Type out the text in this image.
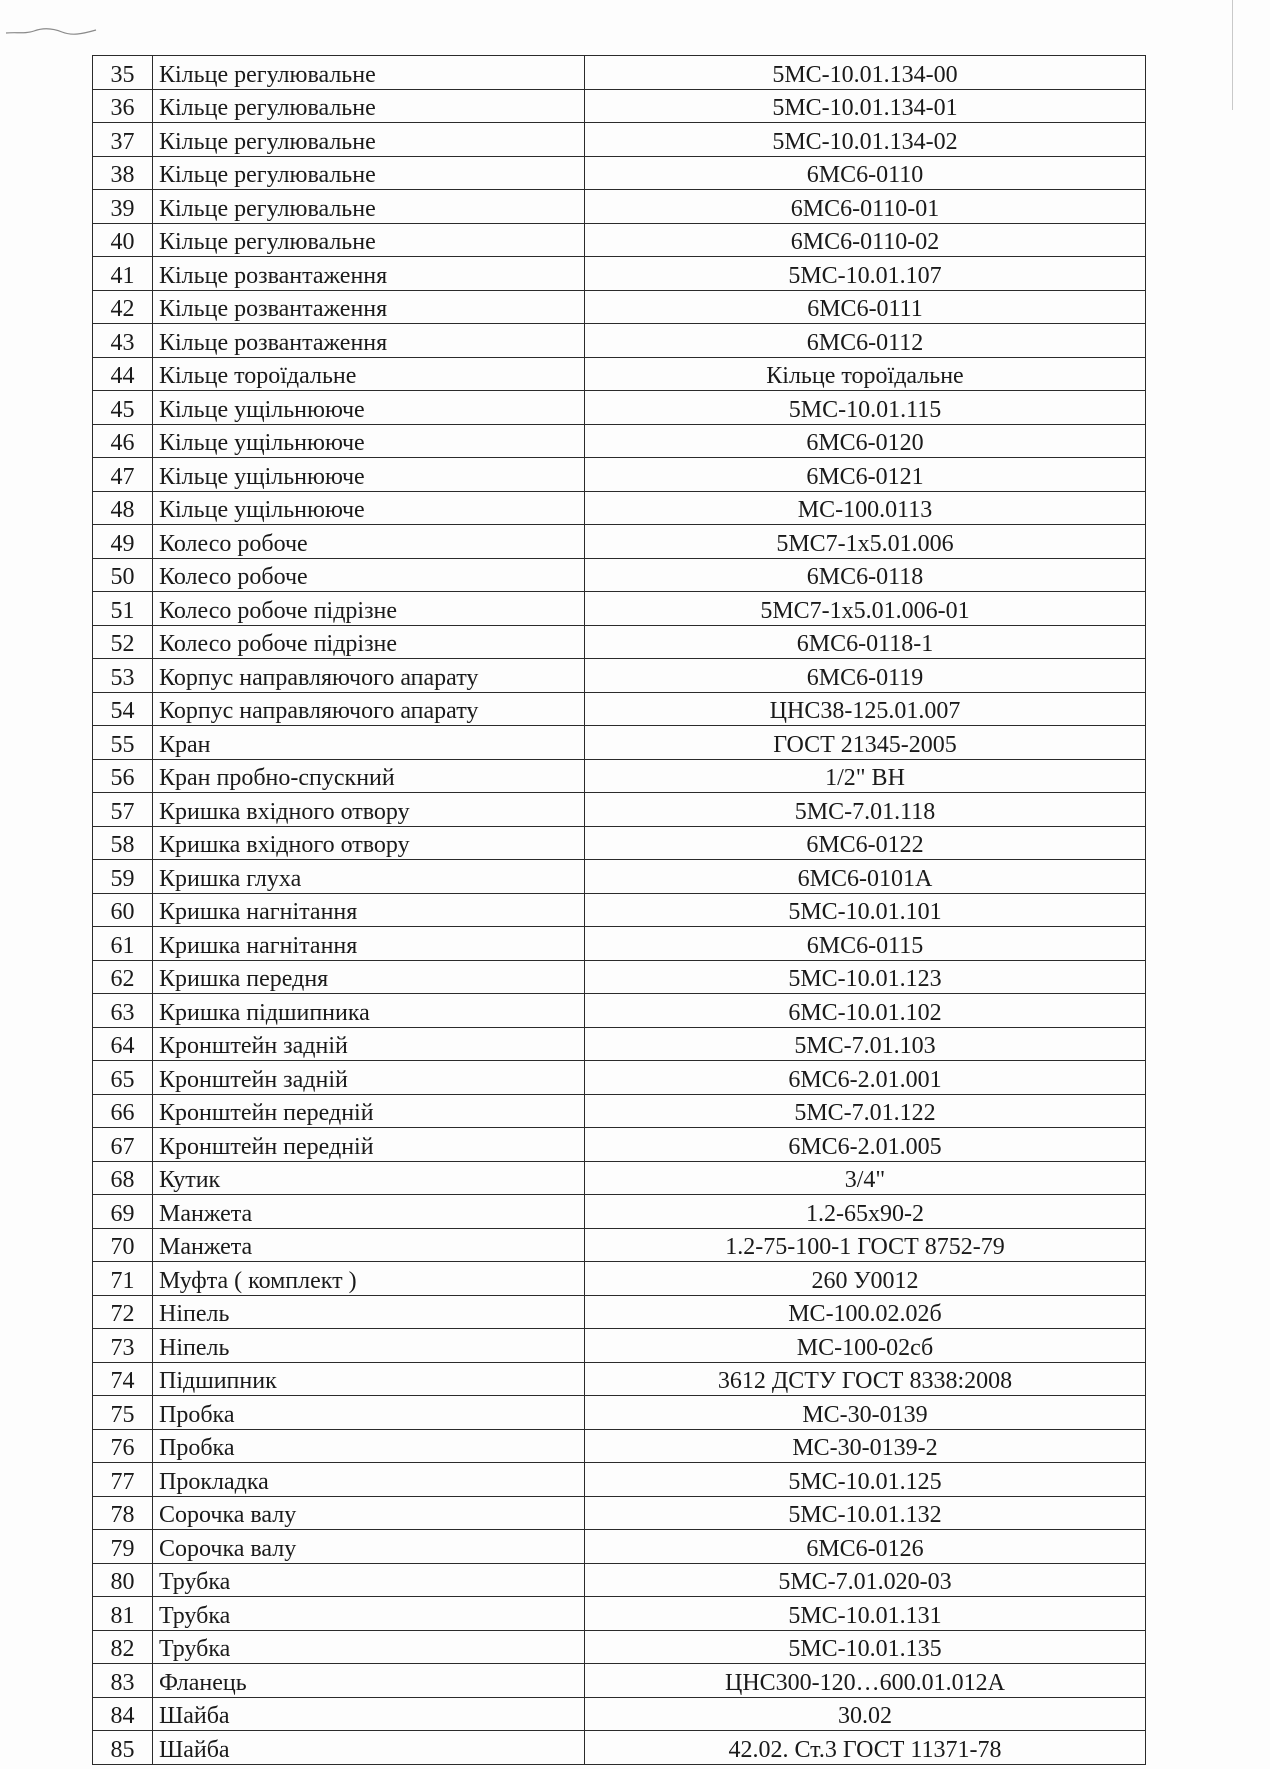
35	Кільце регулювальне	5МС-10.01.134-00
36	Кільце регулювальне	5МС-10.01.134-01
37	Кільце регулювальне	5МС-10.01.134-02
38	Кільце регулювальне	6МС6-0110
39	Кільце регулювальне	6МС6-0110-01
40	Кільце регулювальне	6МС6-0110-02
41	Кільце розвантаження	5МС-10.01.107
42	Кільце розвантаження	6МС6-0111
43	Кільце розвантаження	6МС6-0112
44	Кільце тороїдальне	Кільце тороїдальне
45	Кільце ущільнююче	5МС-10.01.115
46	Кільце ущільнююче	6МС6-0120
47	Кільце ущільнююче	6МС6-0121
48	Кільце ущільнююче	МС-100.0113
49	Колесо робоче	5МС7-1х5.01.006
50	Колесо робоче	6МС6-0118
51	Колесо робоче підрізне	5МС7-1х5.01.006-01
52	Колесо робоче підрізне	6МС6-0118-1
53	Корпус направляючого апарату	6МС6-0119
54	Корпус направляючого апарату	ЦНС38-125.01.007
55	Кран	ГОСТ 21345-2005
56	Кран пробно-спускний	1/2" ВН
57	Кришка вхідного отвору	5МС-7.01.118
58	Кришка вхідного отвору	6МС6-0122
59	Кришка глуха	6МС6-0101А
60	Кришка нагнітання	5МС-10.01.101
61	Кришка нагнітання	6МС6-0115
62	Кришка передня	5МС-10.01.123
63	Кришка підшипника	6МС-10.01.102
64	Кронштейн задній	5МС-7.01.103
65	Кронштейн задній	6МС6-2.01.001
66	Кронштейн передній	5МС-7.01.122
67	Кронштейн передній	6МС6-2.01.005
68	Кутик	3/4"
69	Манжета	1.2-65х90-2
70	Манжета	1.2-75-100-1 ГОСТ 8752-79
71	Муфта ( комплект )	260 У0012
72	Ніпель	МС-100.02.02б
73	Ніпель	МС-100-02сб
74	Підшипник	3612 ДСТУ ГОСТ 8338:2008
75	Пробка	МС-30-0139
76	Пробка	МС-30-0139-2
77	Прокладка	5МС-10.01.125
78	Сорочка валу	5МС-10.01.132
79	Сорочка валу	6МС6-0126
80	Трубка	5МС-7.01.020-03
81	Трубка	5МС-10.01.131
82	Трубка	5МС-10.01.135
83	Фланець	ЦНС300-120…600.01.012А
84	Шайба	30.02
85	Шайба	42.02. Ст.3 ГОСТ 11371-78
